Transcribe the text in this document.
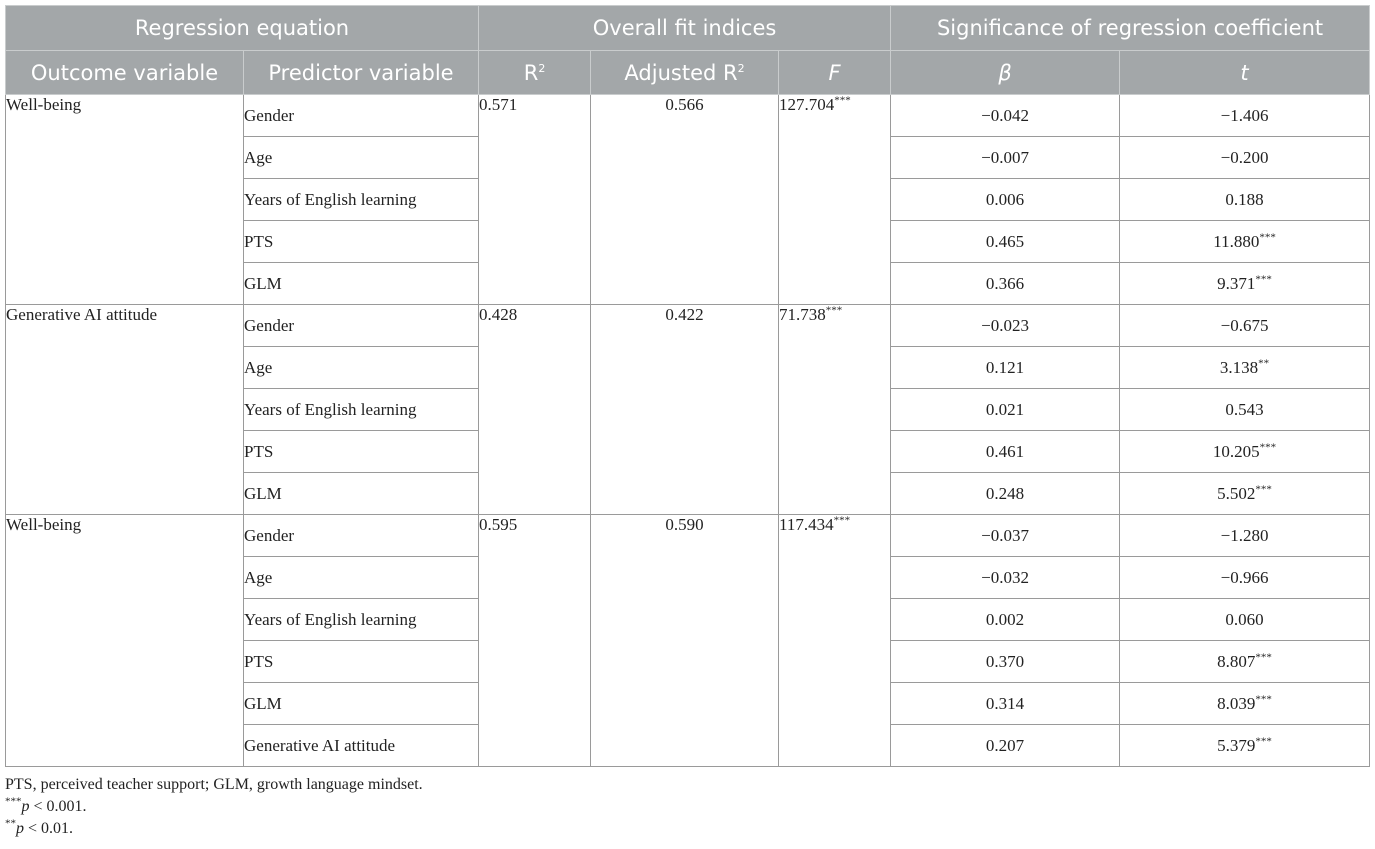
Regression equation		Overall fit indices			Significance of regression coefficient	
Outcome variable	Predictor variable	$R^2$	Adjusted $R^2$	F	β	t
Well-being	Gender	0.571	0.566	127.704***	−0.042	−1.406
	Age				−0.007	−0.200
	Years of English learning				0.006	0.188
	PTS				0.465	11.880***
	GLM				0.366	9.371***
Generative AI attitude	Gender	0.428	0.422	71.738***	−0.023	−0.675
	Age				0.121	3.138**
	Years of English learning				0.021	0.543
	PTS				0.461	10.205***
	GLM				0.248	5.502***
Well-being	Gender	0.595	0.590	117.434***	−0.037	−1.280
	Age				−0.032	−0.966
	Years of English learning				0.002	0.060
	PTS				0.370	8.807***
	GLM				0.314	8.039***
	Generative AI attitude				0.207	5.379***
PTS, perceived teacher support; GLM, growth language mindset.
***p < 0.001.
**p < 0.01.
